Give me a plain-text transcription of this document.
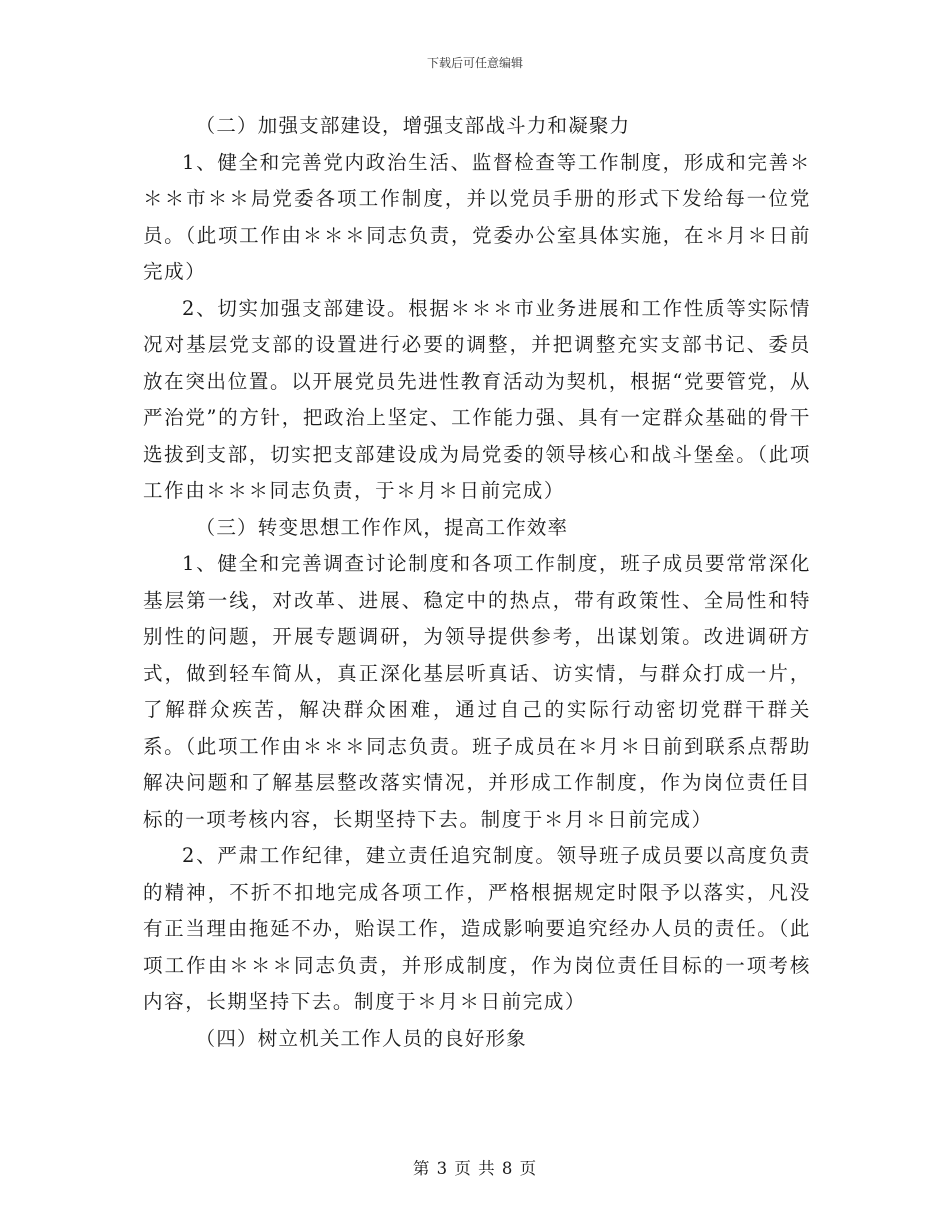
下载后可任意编辑

（二）加强支部建设，增强支部战斗力和凝聚力

1、健全和完善党内政治生活、监督检查等工作制度，形成和完善＊＊＊市＊＊局党委各项工作制度，并以党员手册的形式下发给每一位党员。（此项工作由＊＊＊同志负责，党委办公室具体实施，在＊月＊日前完成）

2、切实加强支部建设。根据＊＊＊市业务进展和工作性质等实际情况对基层党支部的设置进行必要的调整，并把调整充实支部书记、委员放在突出位置。以开展党员先进性教育活动为契机，根据“党要管党，从严治党”的方针，把政治上坚定、工作能力强、具有一定群众基础的骨干选拔到支部，切实把支部建设成为局党委的领导核心和战斗堡垒。（此项工作由＊＊＊同志负责，于＊月＊日前完成）

（三）转变思想工作作风，提高工作效率

1、健全和完善调查讨论制度和各项工作制度，班子成员要常常深化基层第一线，对改革、进展、稳定中的热点，带有政策性、全局性和特别性的问题，开展专题调研，为领导提供参考，出谋划策。改进调研方式，做到轻车简从，真正深化基层听真话、访实情，与群众打成一片，了解群众疾苦，解决群众困难，通过自己的实际行动密切党群干群关系。（此项工作由＊＊＊同志负责。班子成员在＊月＊日前到联系点帮助解决问题和了解基层整改落实情况，并形成工作制度，作为岗位责任目标的一项考核内容，长期坚持下去。制度于＊月＊日前完成）

2、严肃工作纪律，建立责任追究制度。领导班子成员要以高度负责的精神，不折不扣地完成各项工作，严格根据规定时限予以落实，凡没有正当理由拖延不办，贻误工作，造成影响要追究经办人员的责任。（此项工作由＊＊＊同志负责，并形成制度，作为岗位责任目标的一项考核内容，长期坚持下去。制度于＊月＊日前完成）

（四）树立机关工作人员的良好形象

第 3 页 共 8 页
